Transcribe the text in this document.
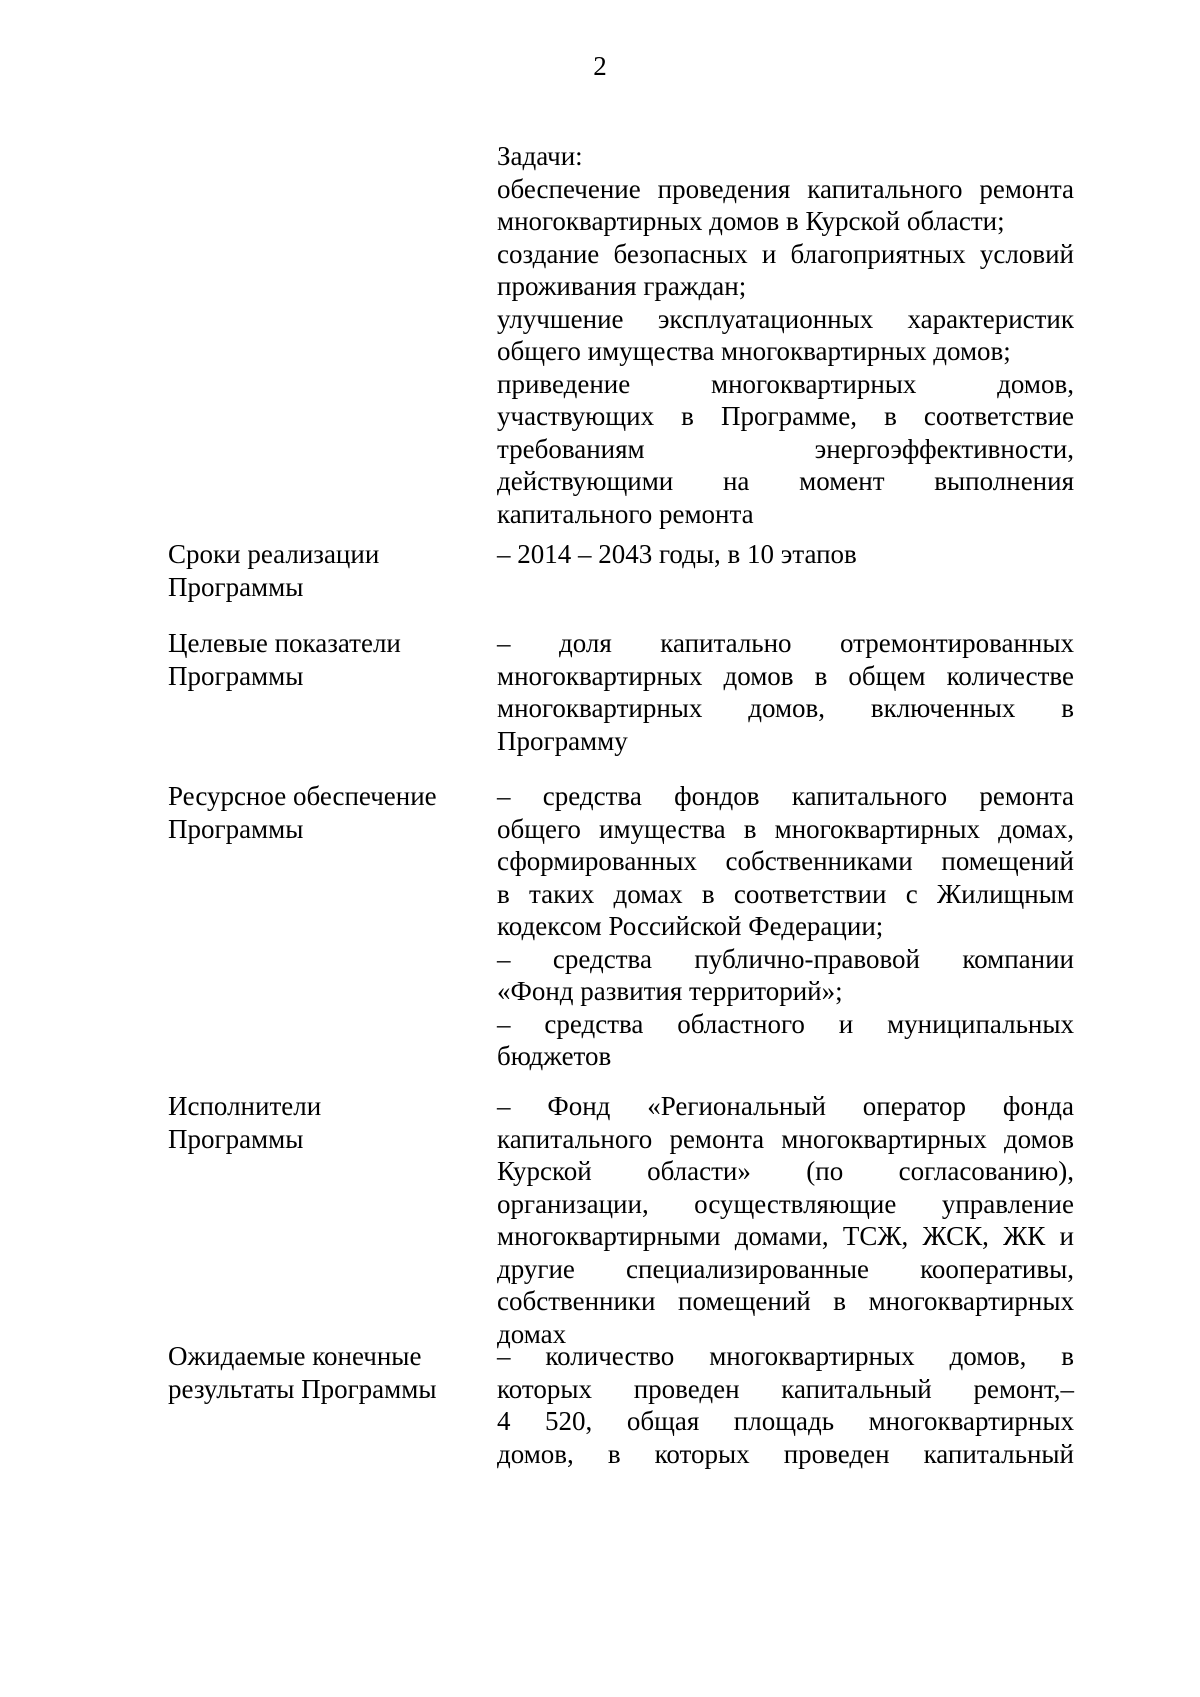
2
Задачи:
обеспечение проведения капитального ремонта
многоквартирных домов в Курской области;
создание безопасных и благоприятных условий
проживания граждан;
улучшение эксплуатационных характеристик
общего имущества многоквартирных домов;
приведение многоквартирных домов,
участвующих в Программе, в соответствие
требованиям энергоэффективности,
действующими на момент выполнения
капитального ремонта
Сроки реализации
Программы
– 2014 – 2043 годы, в 10 этапов
Целевые показатели
Программы
– доля капитально отремонтированных
многоквартирных домов в общем количестве
многоквартирных домов, включенных в
Программу
Ресурсное обеспечение
Программы
– средства фондов капитального ремонта
общего имущества в многоквартирных домах,
сформированных собственниками помещений
в таких домах в соответствии с Жилищным
кодексом Российской Федерации;
– средства публично-правовой компании
«Фонд развития территорий»;
– средства областного и муниципальных
бюджетов
Исполнители
Программы
– Фонд «Региональный оператор фонда
капитального ремонта многоквартирных домов
Курской области» (по согласованию),
организации, осуществляющие управление
многоквартирными домами, ТСЖ, ЖСК, ЖК и
другие специализированные кооперативы,
собственники помещений в многоквартирных
домах
Ожидаемые конечные
результаты Программы
– количество многоквартирных домов, в
которых проведен капитальный ремонт,–
4 520, общая площадь многоквартирных
домов, в которых проведен капитальный
